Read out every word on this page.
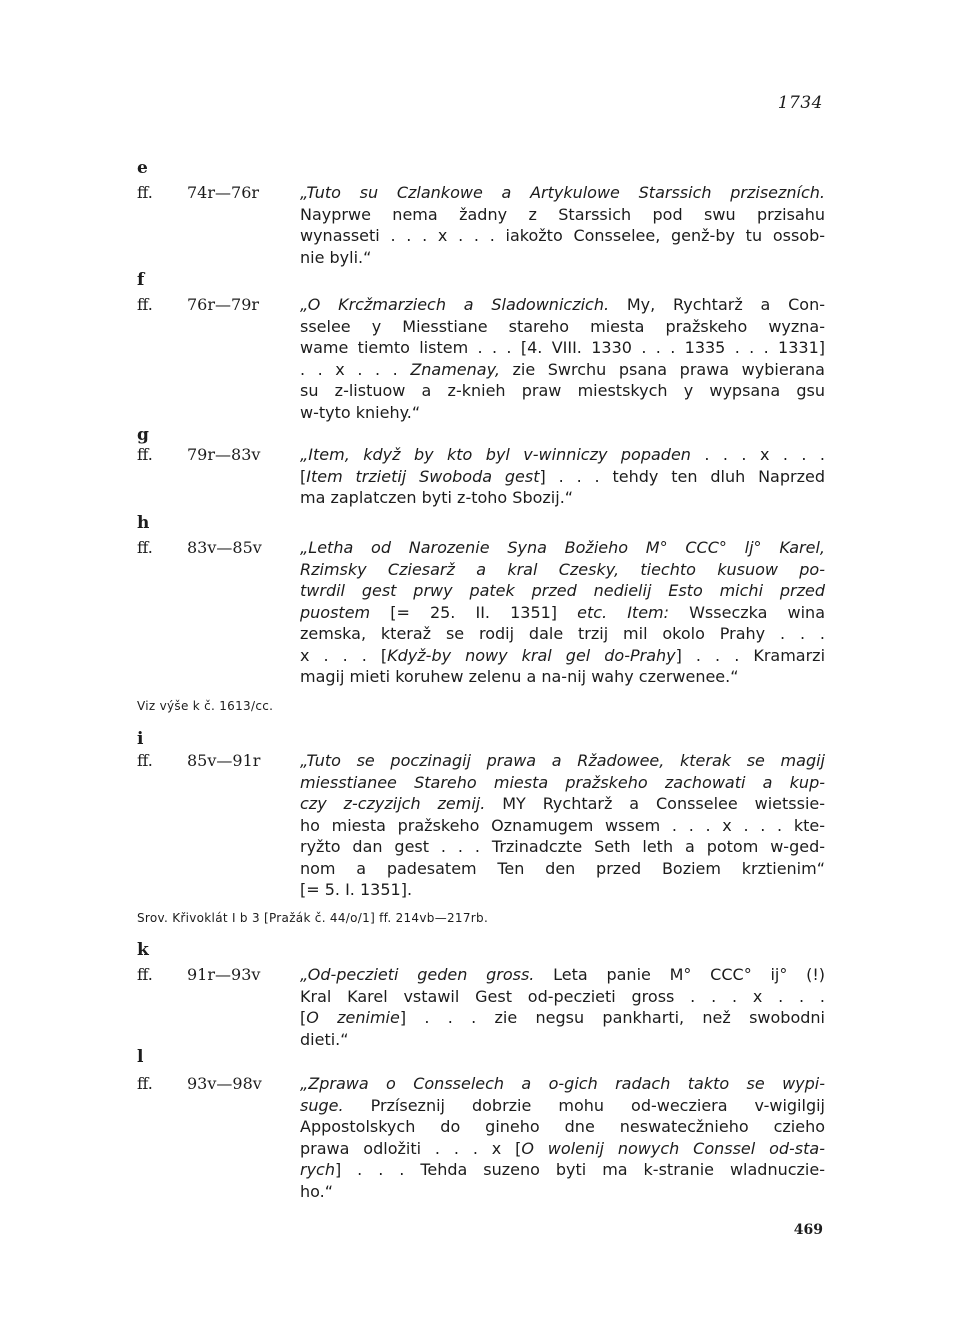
1734
e
ff. 74r—76r	„Tuto su Czlankowe a Artykulowe Starssich przisezních.
Nayprwe nema žadny z Starssich pod swu przisahu
wynasseti . . . x . . . iakožto Consselee, genž-by tu ossob-
nie byli.“
f
ff. 76r—79r	„O Krcžmarziech a Sladowniczich. My, Rychtarž a Con-
sselee y Miesstiane stareho miesta pražskeho wyzna-
wame tiemto listem . . . [4. VIII. 1330 . . . 1335 . . . 1331]
. . x . . . Znamenay, zie Swrchu psana prawa wybierana
su z-listuow a z-knieh praw miestskych y wypsana gsu
w-tyto kniehy.“
g
ff. 79r—83v „Item, když by kto byl v-winniczy popaden . . . x . . .
[Item trzietij Swoboda gest] . . . tehdy ten dluh Naprzed
ma zaplatczen byti z-toho Sbozij.“
h
ff. 83v—85v „Letha od Narozenie Syna Božieho M° CCC° lj° Karel,
Rzimsky Cziesarž a kral Czesky, tiechto kusuow po-
twrdil gest prwy patek przed nedielij Esto michi przed
puostem [= 25. II. 1351] etc. Item: Wsseczka wina
zemska, kteraž se rodij dale trzij mil okolo Prahy . . .
x . . . [Když-by nowy kral gel do-Prahy] . . . Kramarzi
magij mieti koruhew zelenu a na-nij wahy czerwenee.“
Viz výše k č. 1613/cc.
i
ff. 85v—91r „Tuto se poczinagij prawa a Ržadowee, kterak se magij
miesstianee Stareho miesta pražskeho zachowati a kup-
czy z-czyzijch zemij. MY Rychtarž a Consselee wietssie-
ho miesta pražskeho Oznamugem wssem . . . x . . . kte-
ryžto dan gest . . . Trzinadczte Seth leth a potom w-ged-
nom a padesatem Ten den przed Boziem krztienim“
[= 5. I. 1351].
Srov. Křivoklát I b 3 [Pražák č. 44/o/1] ff. 214vb—217rb.
k
ff. 91r—93v „Od-peczieti geden gross. Leta panie M° CCC° ij° (!)
Kral Karel vstawil Gest od-peczieti gross . . . x . . .
[O zenimie] . . . zie negsu pankharti, než swobodni
dieti.“
l
ff. 93v—98v „Zprawa o Consselech a o-gich radach takto se wypi-
suge. Przíseznij dobrzie mohu od-wecziera v-wigilgij
Appostolskych do gineho dne neswatecžnieho czieho
prawa odložiti . . . x [O wolenij nowych Conssel od-sta-
rych] . . . Tehda suzeno byti ma k-stranie wladnuczie-
ho.“
469
